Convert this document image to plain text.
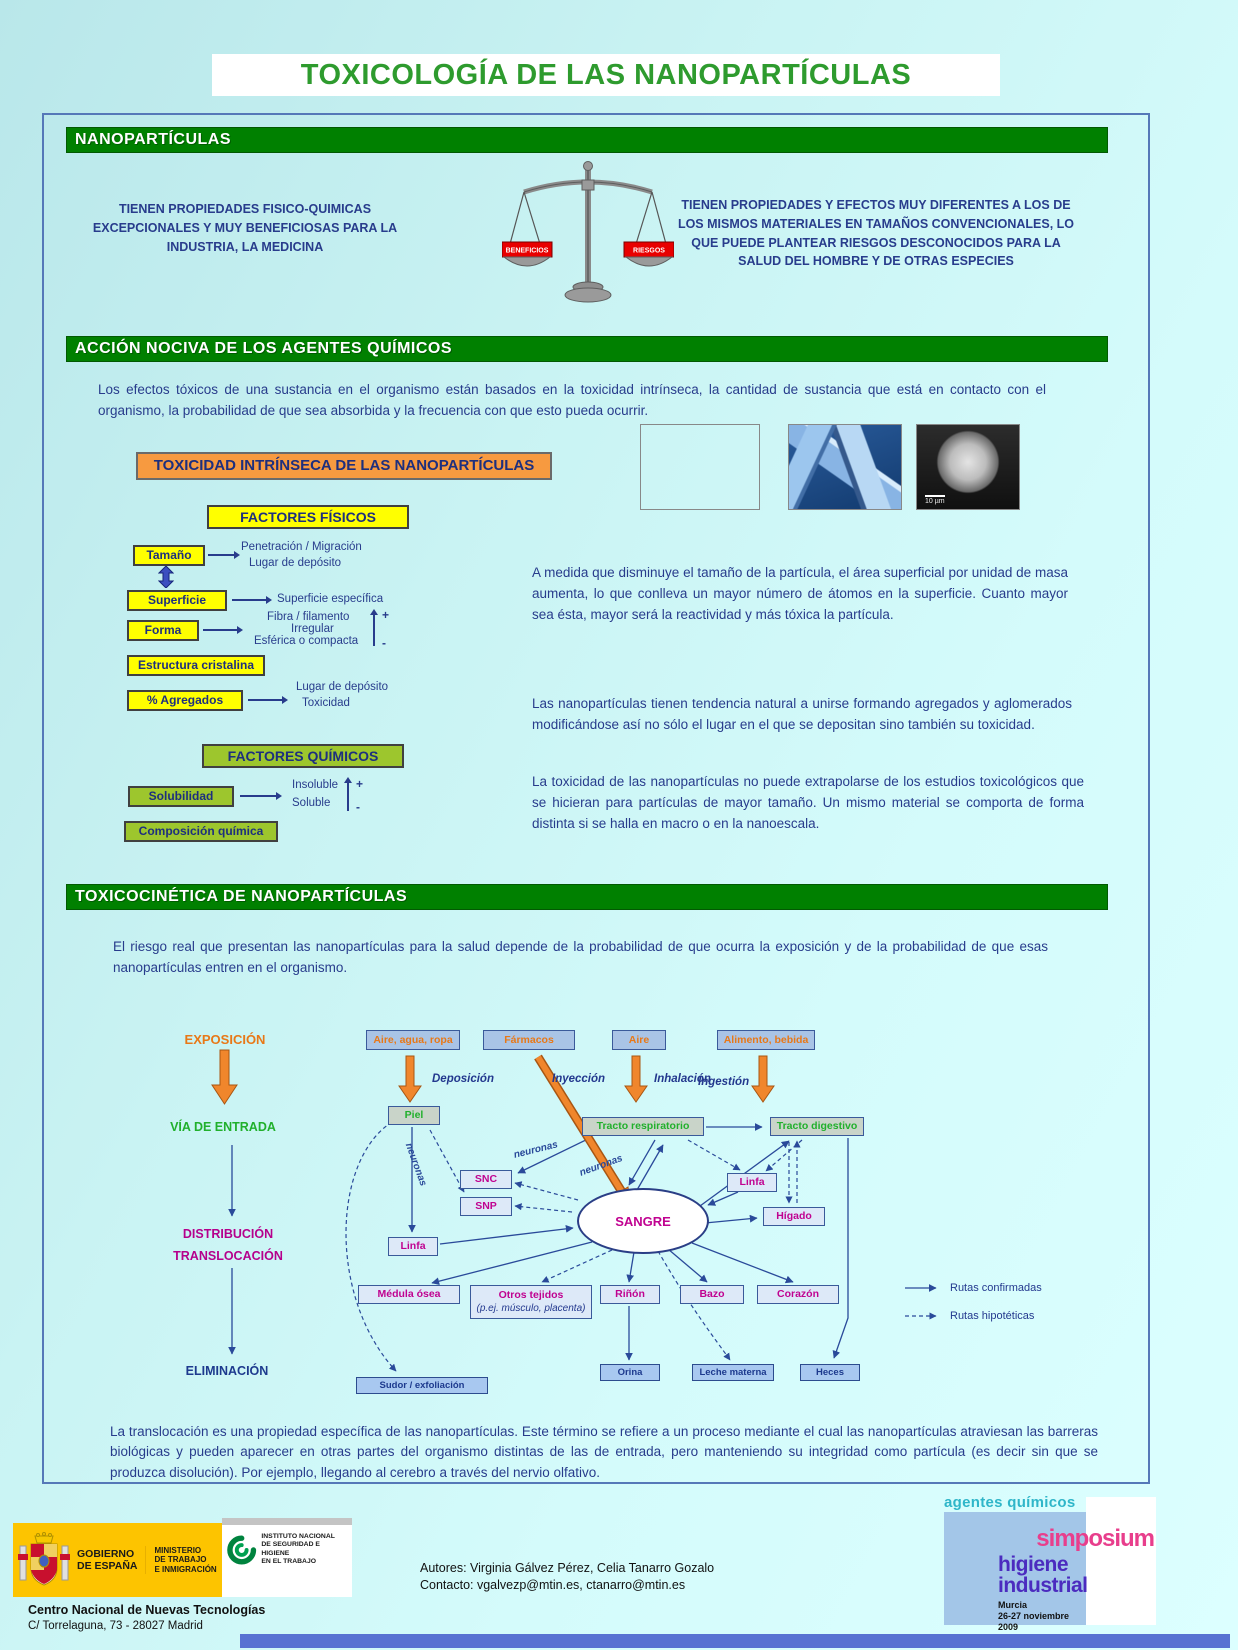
TOXICOLOGÍA DE LAS NANOPARTÍCULAS
NANOPARTÍCULAS
BENEFICIOS	RIESGOS
TIENEN PROPIEDADES FISICO-QUIMICAS EXCEPCIONALES Y MUY BENEFICIOSAS PARA LA INDUSTRIA, LA MEDICINA
TIENEN PROPIEDADES Y EFECTOS MUY DIFERENTES A LOS DE LOS MISMOS MATERIALES EN TAMAÑOS CONVENCIONALES, LO QUE PUEDE PLANTEAR RIESGOS DESCONOCIDOS PARA LA SALUD DEL HOMBRE Y DE OTRAS ESPECIES
ACCIÓN NOCIVA DE LOS AGENTES QUÍMICOS
Los efectos tóxicos de una sustancia en el organismo están basados en la toxicidad intrínseca, la cantidad de sustancia que está en contacto con el organismo, la probabilidad de que sea absorbida y la frecuencia con que esto pueda ocurrir.
10 µm
TOXICIDAD INTRÍNSECA DE LAS NANOPARTÍCULAS
FACTORES FÍSICOS
Tamaño
Penetración / Migración
Lugar de depósito
Superficie	Superficie específica
Forma
Fibra / filamento
Irregular
Esférica o compacta
+
-
Estructura cristalina
% Agregados
Lugar de depósito
Toxicidad
A medida que disminuye el tamaño de la partícula, el área superficial por unidad de masa aumenta, lo que conlleva un mayor número de átomos en la superficie. Cuanto mayor sea ésta, mayor será la reactividad y más tóxica la partícula.
Las nanopartículas tienen tendencia natural a unirse formando agregados y aglomerados modificándose así no sólo el lugar en el que se depositan sino también su toxicidad.
La toxicidad de las nanopartículas no puede extrapolarse de los estudios toxicológicos que se hicieran para partículas de mayor tamaño. Un mismo material se comporta de forma distinta si se halla en macro o en la nanoescala.
FACTORES QUÍMICOS
Solubilidad
Insoluble
Soluble
+
-
Composición química
TOXICOCINÉTICA DE NANOPARTÍCULAS
El riesgo real que presentan las nanopartículas para la salud depende de la probabilidad de que ocurra la exposición y de la probabilidad de que esas nanopartículas entren en el organismo.
EXPOSICIÓN
VÍA DE ENTRADA
DISTRIBUCIÓN
TRANSLOCACIÓN
ELIMINACIÓN
Aire, agua, ropa	Fármacos	Aire	Alimento, bebida
Deposición	Inyección	Inhalación
Ingestión
Piel
Tracto respiratorio	Tracto digestivo
neuronas	neuronas
neuronas
SNC
SNP
Linfa
Hígado
SANGRE
Linfa
Médula ósea	Otros tejidos
(p.ej. músculo, placenta)
Riñón	Bazo	Corazón
Sudor / exfoliación
Orina	Leche materna	Heces
Rutas confirmadas
Rutas hipotéticas
La translocación es una propiedad específica de las nanopartículas. Este término se refiere a un proceso mediante el cual las nanopartículas atraviesan las barreras biológicas y pueden aparecer en otras partes del organismo distintas de las de entrada, pero manteniendo su integridad como partícula (es decir sin que se produzca disolución). Por ejemplo, llegando al cerebro a través del nervio olfativo.
GOBIERNO
DE ESPAÑA
MINISTERIO
DE TRABAJO
E INMIGRACIÓN
INSTITUTO NACIONAL
DE SEGURIDAD E HIGIENE
EN EL TRABAJO
Centro Nacional de Nuevas Tecnologías
C/ Torrelaguna, 73 - 28027 Madrid
Autores: Virginia Gálvez Pérez, Celia Tanarro Gozalo
Contacto: vgalvezp@mtin.es, ctanarro@mtin.es
agentes químicos
simposium
higiene
industrial
Murcia
26-27 noviembre
2009
